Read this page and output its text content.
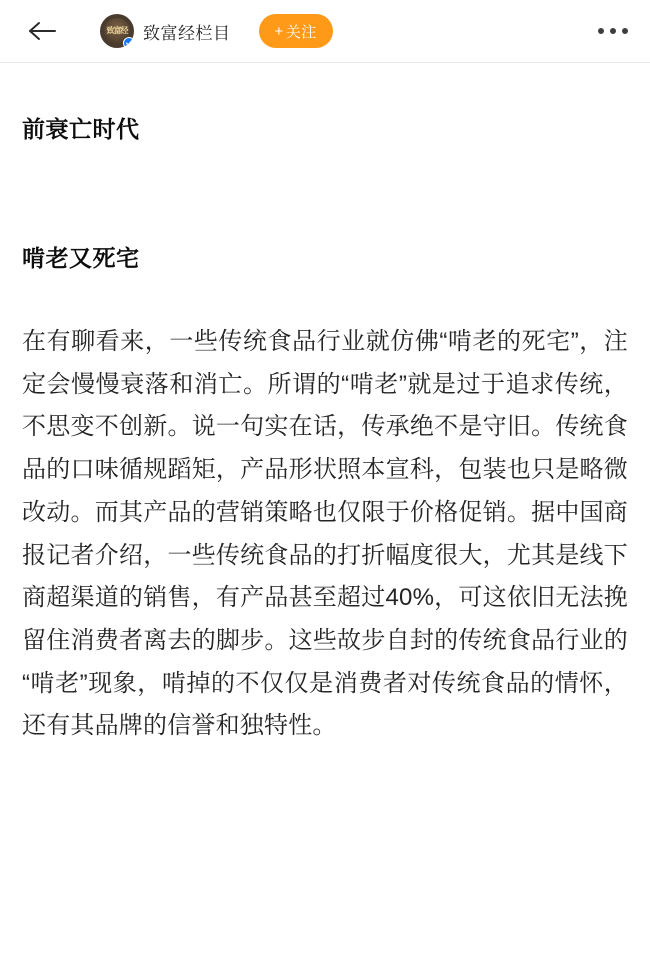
致富经 致富经栏目	+ 关注
前衰亡时代
啃老又死宅

在有聊看来，一些传统食品行业就仿佛“啃老的死宅”，注定会慢慢衰落和消亡。所谓的“啃老”就是过于追求传统，不思变不创新。说一句实在话，传承绝不是守旧。传统食品的口味循规蹈矩，产品形状照本宣科，包装也只是略微改动。而其产品的营销策略也仅限于价格促销。据中国商报记者介绍，一些传统食品的打折幅度很大，尤其是线下商超渠道的销售，有产品甚至超过40%，可这依旧无法挽留住消费者离去的脚步。这些故步自封的传统食品行业的“啃老”现象，啃掉的不仅仅是消费者对传统食品的情怀，还有其品牌的信誉和独特性。
